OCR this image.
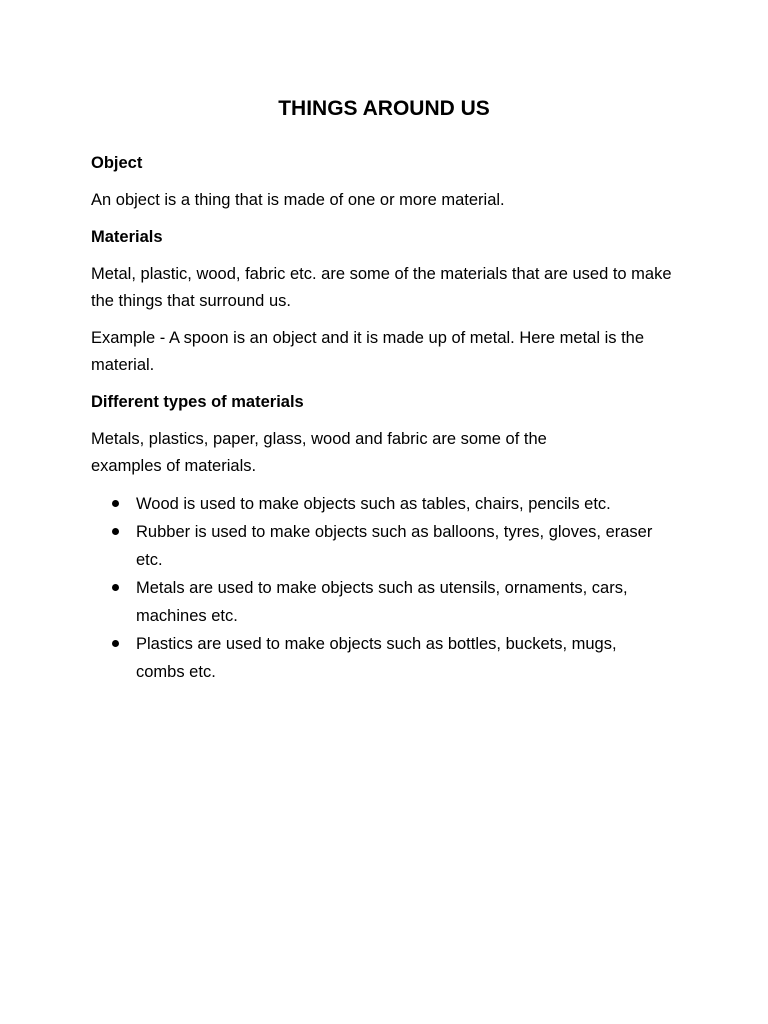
THINGS AROUND US
Object

An object is a thing that is made of one or more material.

Materials

Metal, plastic, wood, fabric etc. are some of the materials that are used to make the things that surround us.

Example - A spoon is an object and it is made up of metal. Here metal is the material.

Different types of materials

Metals, plastics, paper, glass, wood and fabric are some of the examples of materials.

Wood is used to make objects such as tables, chairs, pencils etc.
Rubber is used to make objects such as balloons, tyres, gloves, eraser etc.
Metals are used to make objects such as utensils, ornaments, cars, machines etc.
Plastics are used to make objects such as bottles, buckets, mugs, combs etc.
